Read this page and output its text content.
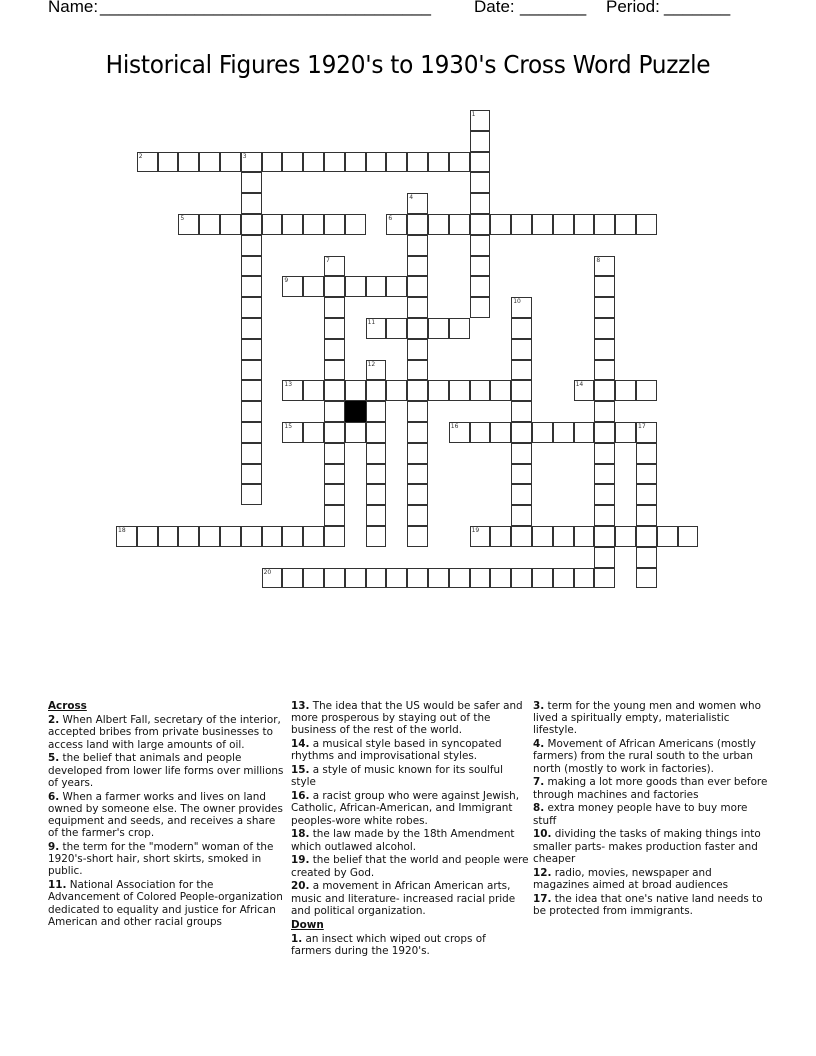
Name:

___________________________________

	Date:

_______

Period:

_______

Historical Figures 1920's to 1930's Cross Word Puzzle
1
2	3
4
5	6
7	8
9
10
11
12
13	14
15	16	17
18	19
20
Across
2. When Albert Fall, secretary of the interior, accepted bribes from private businesses to access land with large amounts of oil.
5. the belief that animals and people developed from lower life forms over millions of years.
6. When a farmer works and lives on land owned by someone else. The owner provides equipment and seeds, and receives a share of the farmer's crop.
9. the term for the "modern" woman of the 1920's-short hair, short skirts, smoked in public.
11. National Association for the Advancement of Colored People-organization dedicated to equality and justice for African American and other racial groups
13. The idea that the US would be safer and more prosperous by staying out of the business of the rest of the world.
14. a musical style based in syncopated rhythms and improvisational styles.
15. a style of music known for its soulful style
16. a racist group who were against Jewish, Catholic, African-American, and Immigrant peoples-wore white robes.
18. the law made by the 18th Amendment which outlawed alcohol.
19. the belief that the world and people were created by God.
20. a movement in African American arts, music and literature- increased racial pride and political organization.
Down
1. an insect which wiped out crops of farmers during the 1920's.
3. term for the young men and women who lived a spiritually empty, materialistic lifestyle.
4. Movement of African Americans (mostly farmers) from the rural south to the urban north (mostly to work in factories).
7. making a lot more goods than ever before through machines and factories
8. extra money people have to buy more stuff
10. dividing the tasks of making things into smaller parts- makes production faster and cheaper
12. radio, movies, newspaper and magazines aimed at broad audiences
17. the idea that one's native land needs to be protected from immigrants.
